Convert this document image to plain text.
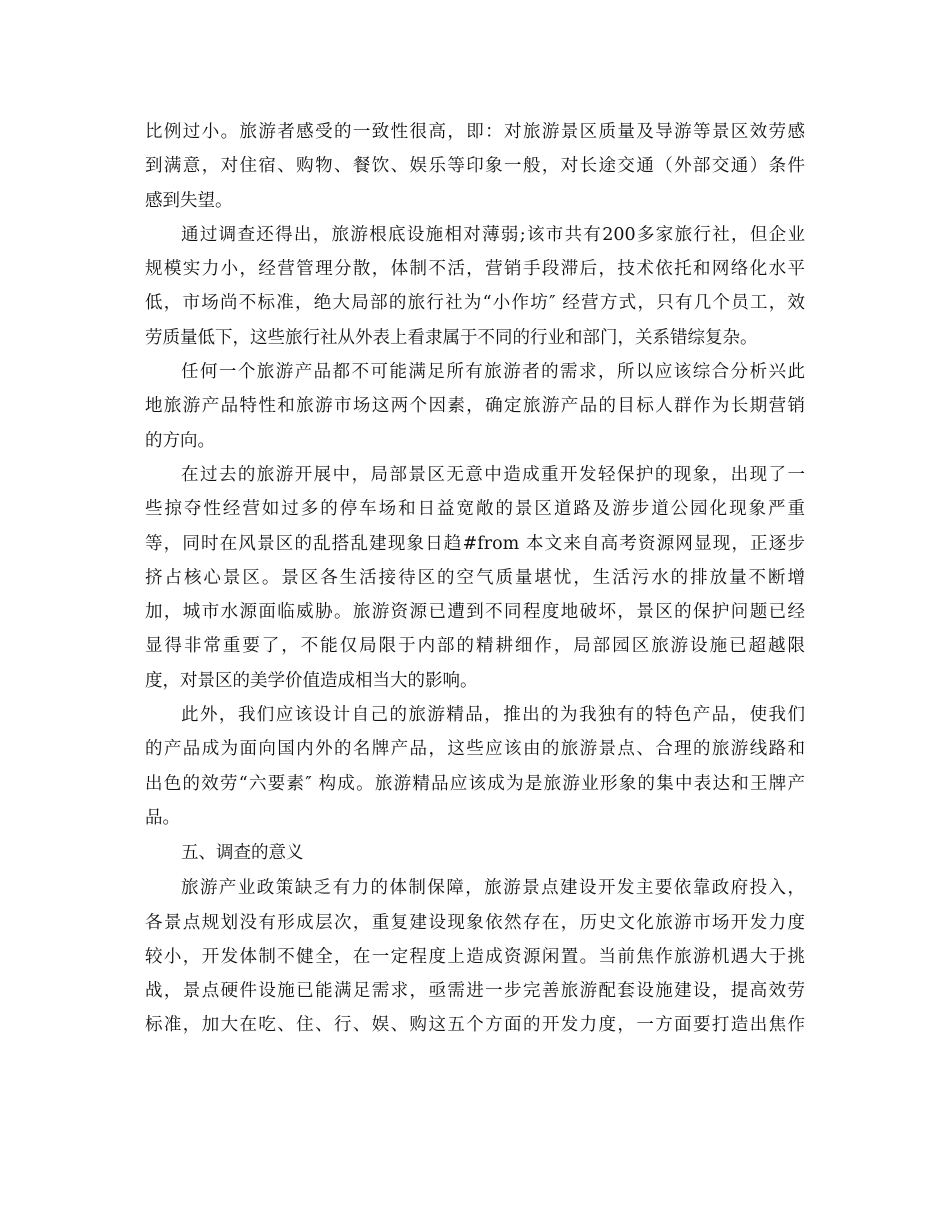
比例过小。旅游者感受的一致性很高，即：对旅游景区质量及导游等景区效劳感
到满意，对住宿、购物、餐饮、娱乐等印象一般，对长途交通（外部交通）条件
感到失望。
通过调查还得出，旅游根底设施相对薄弱;该市共有200多家旅行社，但企业
规模实力小，经营管理分散，体制不活，营销手段滞后，技术依托和网络化水平
低，市场尚不标准，绝大局部的旅行社为“小作坊″ 经营方式，只有几个员工，效
劳质量低下，这些旅行社从外表上看隶属于不同的行业和部门，关系错综复杂。
任何一个旅游产品都不可能满足所有旅游者的需求，所以应该综合分析兴此
地旅游产品特性和旅游市场这两个因素，确定旅游产品的目标人群作为长期营销
的方向。
在过去的旅游开展中，局部景区无意中造成重开发轻保护的现象，出现了一
些掠夺性经营如过多的停车场和日益宽敞的景区道路及游步道公园化现象严重
等，同时在风景区的乱搭乱建现象日趋#from 本文来自高考资源网显现，正逐步
挤占核心景区。景区各生活接待区的空气质量堪忧，生活污水的排放量不断增
加，城市水源面临威胁。旅游资源已遭到不同程度地破坏，景区的保护问题已经
显得非常重要了，不能仅局限于内部的精耕细作，局部园区旅游设施已超越限
度，对景区的美学价值造成相当大的影响。
此外，我们应该设计自己的旅游精品，推出的为我独有的特色产品，使我们
的产品成为面向国内外的名牌产品，这些应该由的旅游景点、合理的旅游线路和
出色的效劳“六要素″ 构成。旅游精品应该成为是旅游业形象的集中表达和王牌产
品。
五、调查的意义
旅游产业政策缺乏有力的体制保障，旅游景点建设开发主要依靠政府投入，
各景点规划没有形成层次，重复建设现象依然存在，历史文化旅游市场开发力度
较小，开发体制不健全，在一定程度上造成资源闲置。当前焦作旅游机遇大于挑
战，景点硬件设施已能满足需求，亟需进一步完善旅游配套设施建设，提高效劳
标准，加大在吃、住、行、娱、购这五个方面的开发力度，一方面要打造出焦作
